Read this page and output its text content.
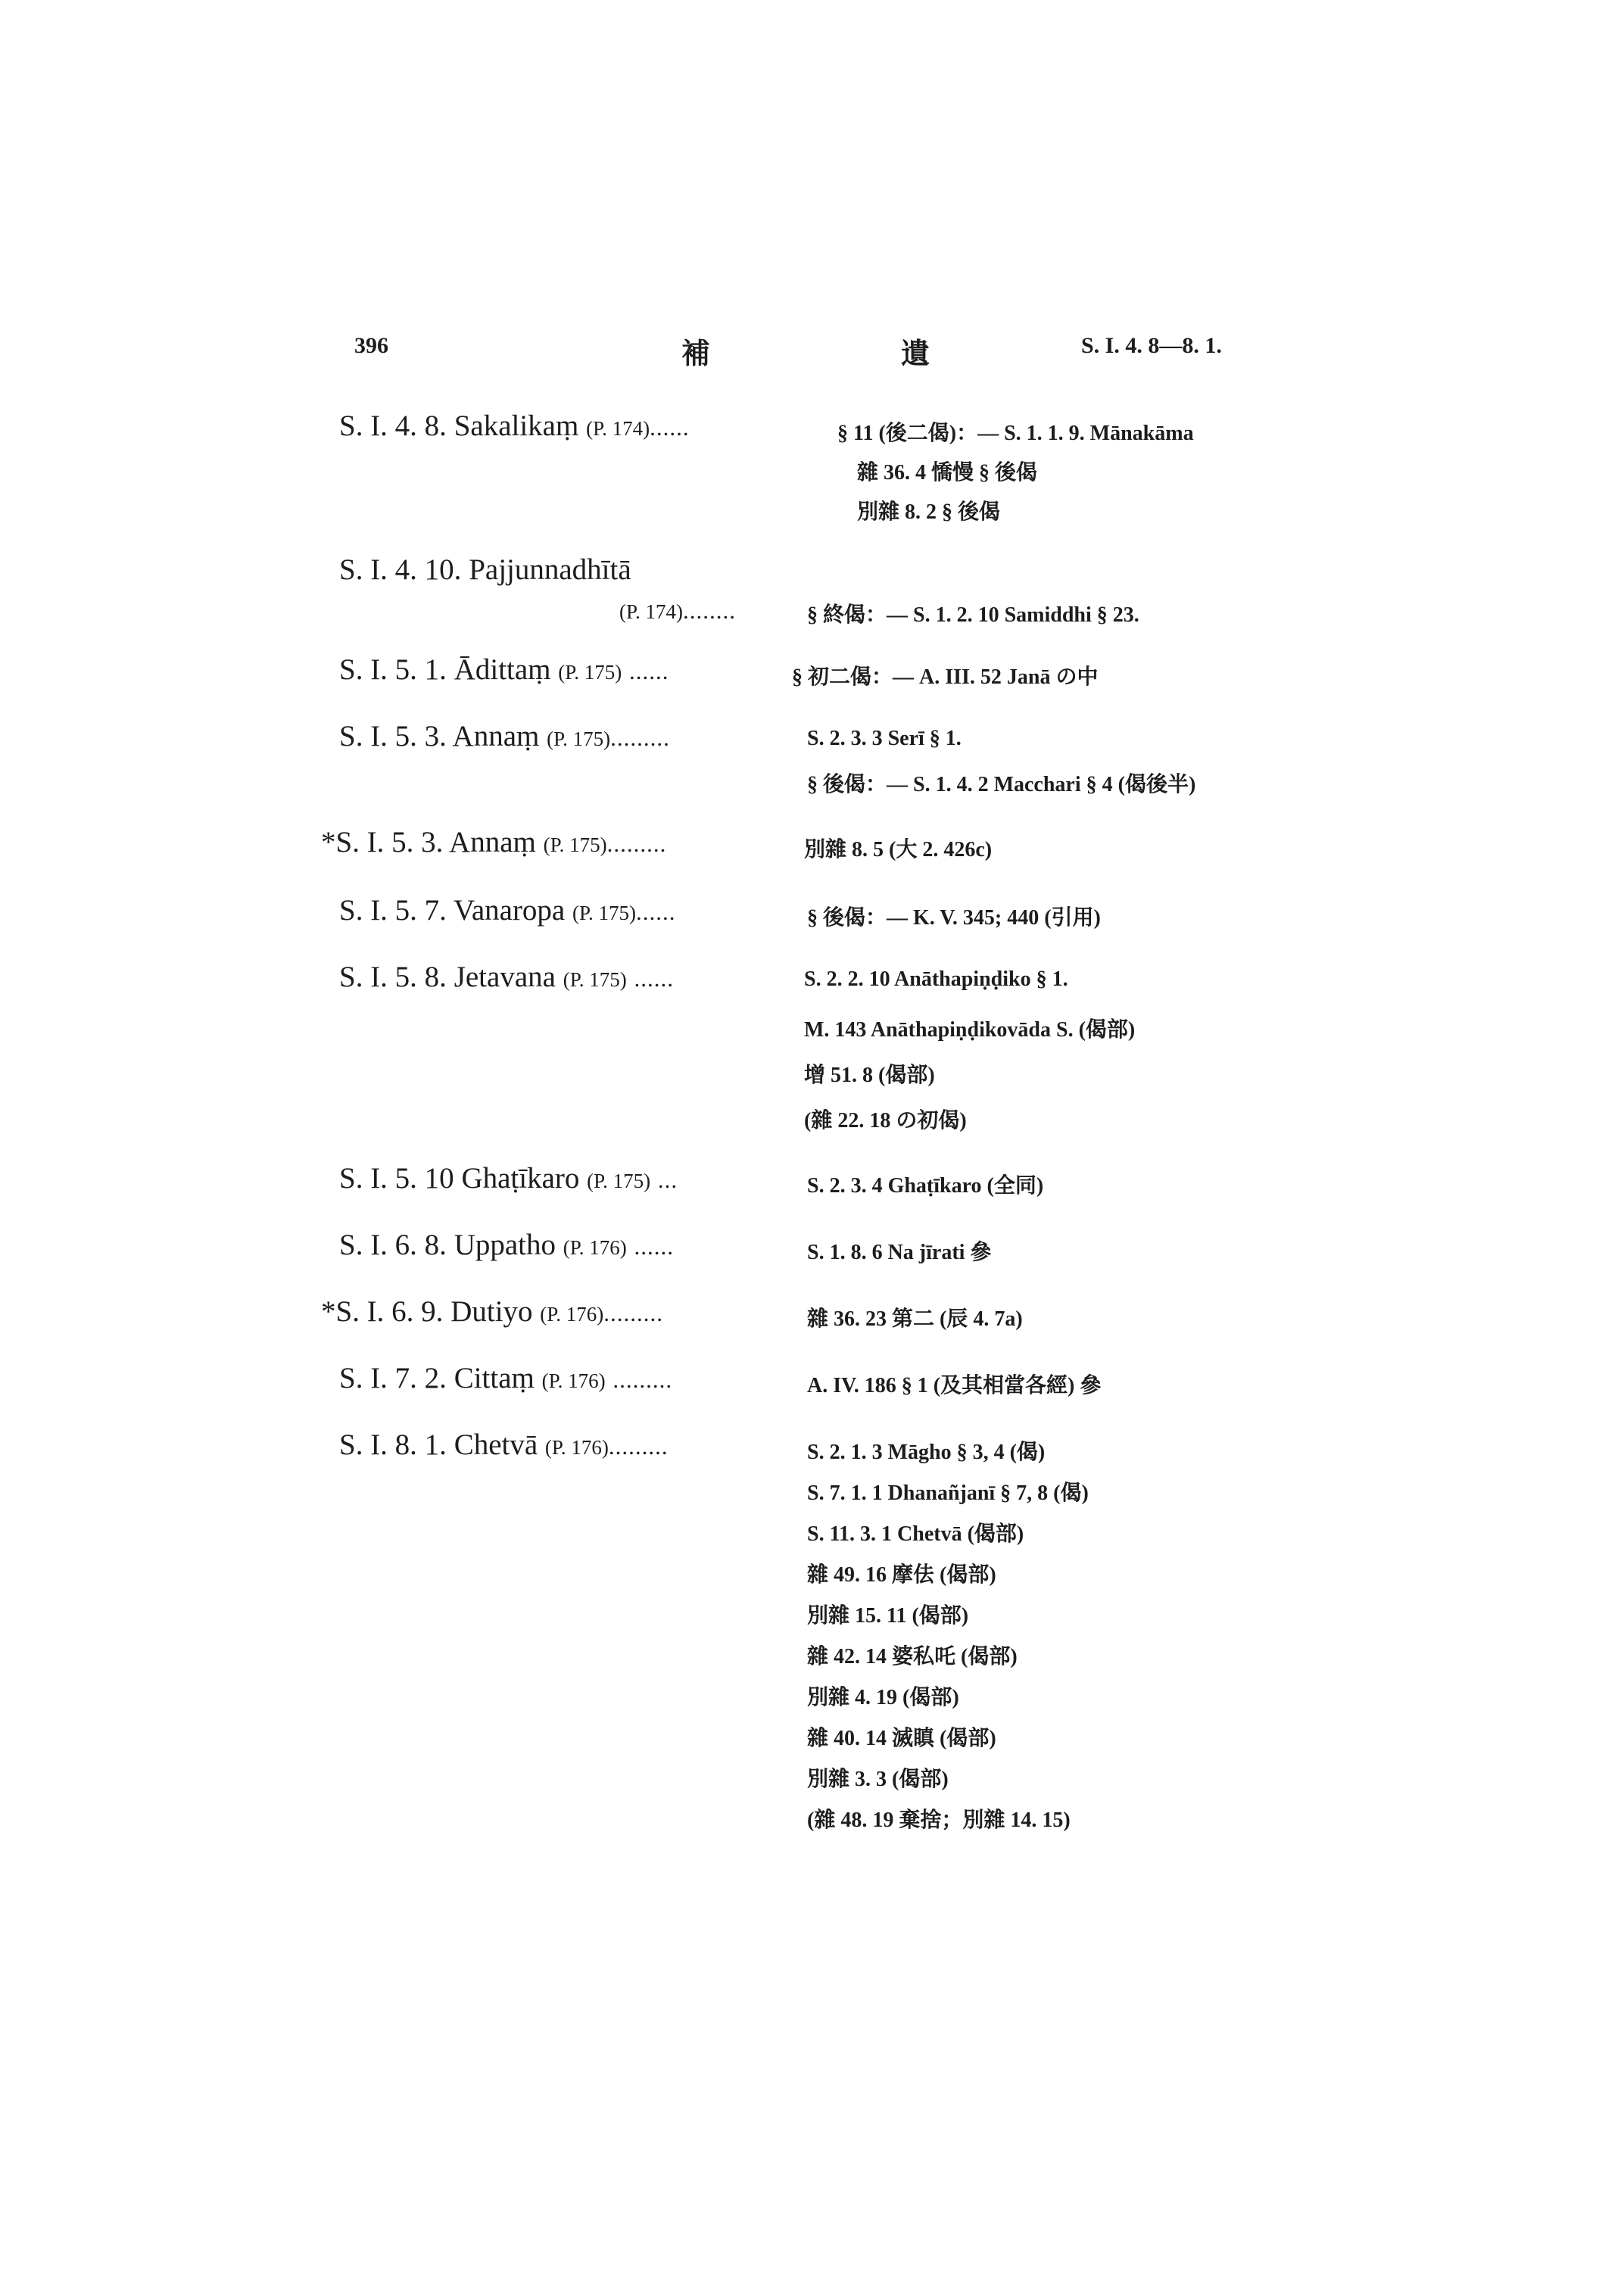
396	補	遺	S. I. 4. 8—8. 1.
S. I. 4. 8. Sakalikaṃ (P. 174)......	§ 11 (後二偈)：— S. 1. 1. 9. Mānakāma
雜 36. 4 憍慢 § 後偈
別雜 8. 2 § 後偈
S. I. 4. 10. Pajjunnadhītā
(P. 174)........	§ 終偈：— S. 1. 2. 10 Samiddhi § 23.
S. I. 5. 1. Ādittaṃ (P. 175) ......	§ 初二偈：— A. III. 52 Janā の中
S. I. 5. 3. Annaṃ (P. 175).........	S. 2. 3. 3 Serī § 1.
§ 後偈：— S. 1. 4. 2 Macchari § 4 (偈後半)
*S. I. 5. 3. Annaṃ (P. 175).........	別雜 8. 5 (大 2. 426c)
S. I. 5. 7. Vanaropa (P. 175)......	§ 後偈：— K. V. 345; 440 (引用)
S. I. 5. 8. Jetavana (P. 175) ......	S. 2. 2. 10 Anāthapiṇḍiko § 1.
M. 143 Anāthapiṇḍikovāda S. (偈部)
增 51. 8 (偈部)
(雜 22. 18 の初偈)
S. I. 5. 10 Ghaṭīkaro (P. 175) ...	S. 2. 3. 4 Ghaṭīkaro (全同)
S. I. 6. 8. Uppatho (P. 176) ......	S. 1. 8. 6 Na jīrati 參
*S. I. 6. 9. Dutiyo (P. 176).........	雜 36. 23 第二 (辰 4. 7a)
S. I. 7. 2. Cittaṃ (P. 176) .........	A. IV. 186 § 1 (及其相當各經) 參
S. I. 8. 1. Chetvā (P. 176).........	S. 2. 1. 3 Māgho § 3, 4 (偈)
S. 7. 1. 1 Dhanañjanī § 7, 8 (偈)
S. 11. 3. 1 Chetvā (偈部)
雜 49. 16 摩佉 (偈部)
別雜 15. 11 (偈部)
雜 42. 14 婆私吒 (偈部)
別雜 4. 19 (偈部)
雜 40. 14 滅瞋 (偈部)
別雜 3. 3 (偈部)
(雜 48. 19 棄捨；別雜 14. 15)
